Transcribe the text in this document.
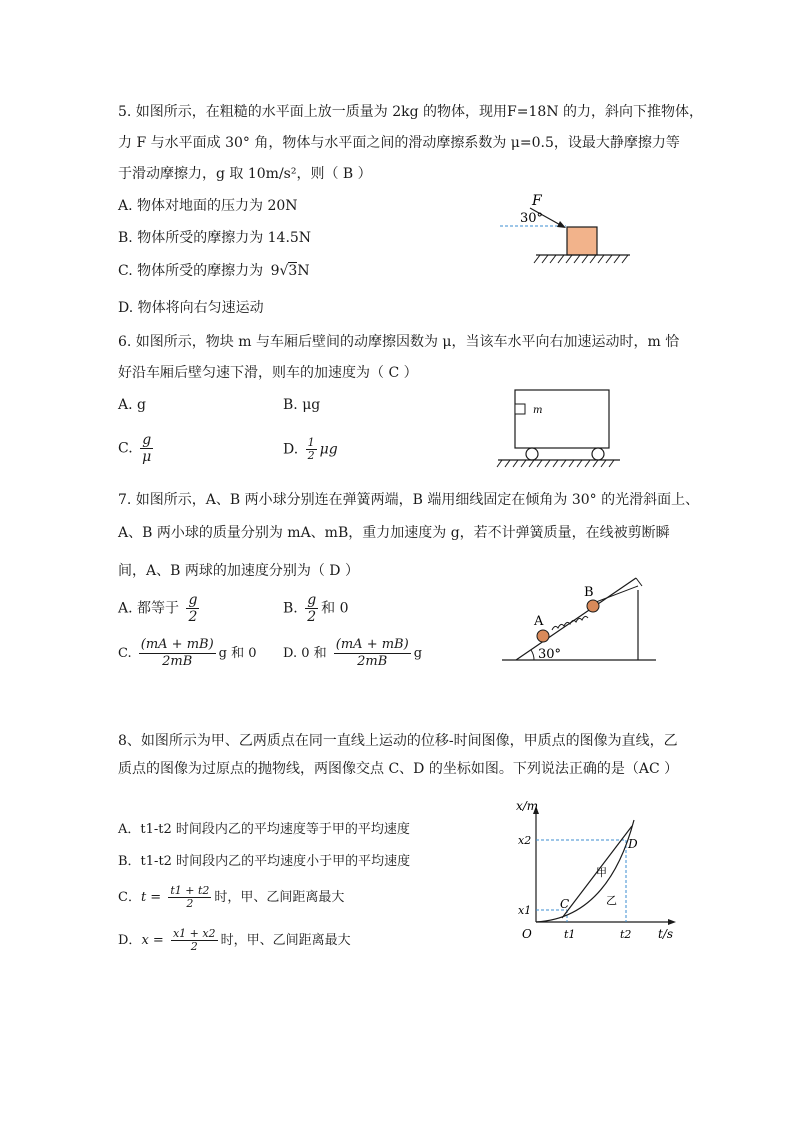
5. 如图所示，在粗糙的水平面上放一质量为 2kg 的物体，现用F=18N 的力，斜向下推物体，
力 F 与水平面成 30° 角，物体与水平面之间的滑动摩擦系数为 μ=0.5，设最大静摩擦力等
于滑动摩擦力，g 取 10m/s²，则（ B ）
A. 物体对地面的压力为 20N
B. 物体所受的摩擦力为 14.5N
C. 物体所受的摩擦力为 9√3N
D. 物体将向右匀速运动
F
30°
6. 如图所示，物块 m 与车厢后壁间的动摩擦因数为 μ，当该车水平向右加速运动时，m 恰
好沿车厢后壁匀速下滑，则车的加速度为（ C ）
A. g	B. μg
C. $\frac{g}{\mu}$	D. $\frac{1}{2}$ μg
m
7. 如图所示，A、B 两小球分别连在弹簧两端，B 端用细线固定在倾角为 30° 的光滑斜面上、
A、B 两小球的质量分别为 mA、mB，重力加速度为 g，若不计弹簧质量，在线被剪断瞬
间，A、B 两球的加速度分别为（ D ）
A. 都等于 $\frac{g}{2}$	B. $\frac{g}{2}$ 和 0
C. $\frac{(mA + mB)}{2mB}$ g 和 0 D. 0 和 $\frac{(mA + mB)}{2mB}$ g
A
B
30°
8、如图所示为甲、乙两质点在同一直线上运动的位移-时间图像，甲质点的图像为直线，乙
质点的图像为过原点的抛物线，两图像交点 C、D 的坐标如图。下列说法正确的是（AC ）
A．t1-t2 时间段内乙的平均速度等于甲的平均速度
B．t1-t2 时间段内乙的平均速度小于甲的平均速度
C．$t = \frac{t1 + t2}{2}$ 时，甲、乙间距离最大
D．$x = \frac{x1 + x2}{2}$ 时，甲、乙间距离最大
x/m
t/s
O
x2
x1
t1	t2
C
D
甲
乙
